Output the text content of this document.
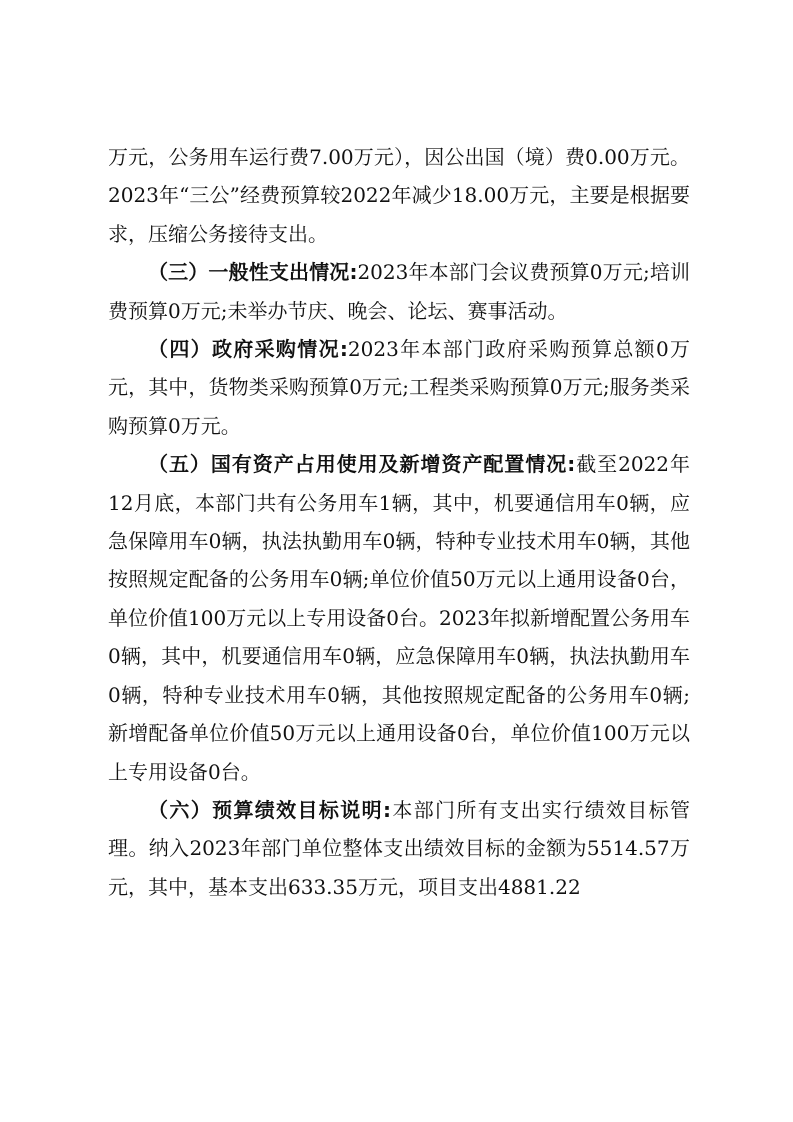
万元，公务用车运行费7.00万元），因公出国（境）费0.00万元。2023年“三公”经费预算较2022年减少18.00万元，主要是根据要求，压缩公务接待支出。

（三）一般性支出情况:2023年本部门会议费预算0万元;培训费预算0万元;未举办节庆、晚会、论坛、赛事活动。

（四）政府采购情况:2023年本部门政府采购预算总额0万元，其中，货物类采购预算0万元;工程类采购预算0万元;服务类采购预算0万元。

（五）国有资产占用使用及新增资产配置情况:截至2022年12月底，本部门共有公务用车1辆，其中，机要通信用车0辆，应急保障用车0辆，执法执勤用车0辆，特种专业技术用车0辆，其他按照规定配备的公务用车0辆;单位价值50万元以上通用设备0台，单位价值100万元以上专用设备0台。2023年拟新增配置公务用车0辆，其中，机要通信用车0辆，应急保障用车0辆，执法执勤用车0辆，特种专业技术用车0辆，其他按照规定配备的公务用车0辆;新增配备单位价值50万元以上通用设备0台，单位价值100万元以上专用设备0台。

（六）预算绩效目标说明:本部门所有支出实行绩效目标管理。纳入2023年部门单位整体支出绩效目标的金额为5514.57万元，其中，基本支出633.35万元，项目支出4881.22
